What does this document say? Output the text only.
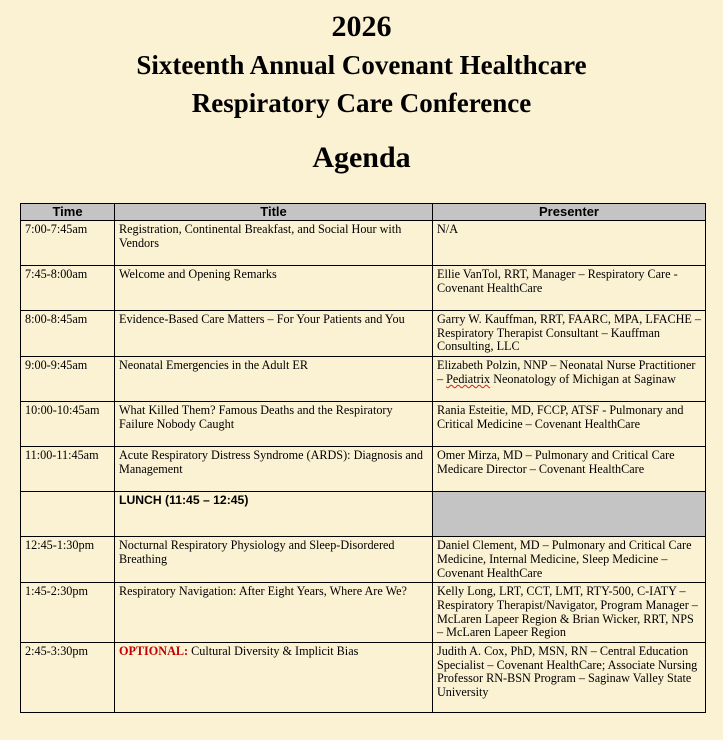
2026
Sixteenth Annual Covenant Healthcare
Respiratory Care Conference
Agenda
Time	Title	Presenter
7:00-7:45am	Registration, Continental Breakfast, and Social Hour with Vendors	N/A
7:45-8:00am	Welcome and Opening Remarks	Ellie VanTol, RRT, Manager – Respiratory Care - Covenant HealthCare
8:00-8:45am	Evidence-Based Care Matters – For Your Patients and You	Garry W. Kauffman, RRT, FAARC, MPA, LFACHE – Respiratory Therapist Consultant – Kauffman Consulting, LLC
9:00-9:45am	Neonatal Emergencies in the Adult ER	Elizabeth Polzin, NNP – Neonatal Nurse Practitioner – Pediatrix Neonatology of Michigan at Saginaw
10:00-10:45am	What Killed Them? Famous Deaths and the Respiratory Failure Nobody Caught	Rania Esteitie, MD, FCCP, ATSF - Pulmonary and Critical Medicine – Covenant HealthCare
11:00-11:45am	Acute Respiratory Distress Syndrome (ARDS): Diagnosis and Management	Omer Mirza, MD – Pulmonary and Critical Care Medicare Director – Covenant HealthCare
	LUNCH (11:45 – 12:45)	
12:45-1:30pm	Nocturnal Respiratory Physiology and Sleep-Disordered Breathing	Daniel Clement, MD – Pulmonary and Critical Care Medicine, Internal Medicine, Sleep Medicine – Covenant HealthCare
1:45-2:30pm	Respiratory Navigation: After Eight Years, Where Are We?	Kelly Long, LRT, CCT, LMT, RTY-500, C-IATY – Respiratory Therapist/Navigator, Program Manager – McLaren Lapeer Region & Brian Wicker, RRT, NPS – McLaren Lapeer Region
2:45-3:30pm	OPTIONAL: Cultural Diversity & Implicit Bias	Judith A. Cox, PhD, MSN, RN – Central Education Specialist – Covenant HealthCare; Associate Nursing Professor RN-BSN Program – Saginaw Valley State University
